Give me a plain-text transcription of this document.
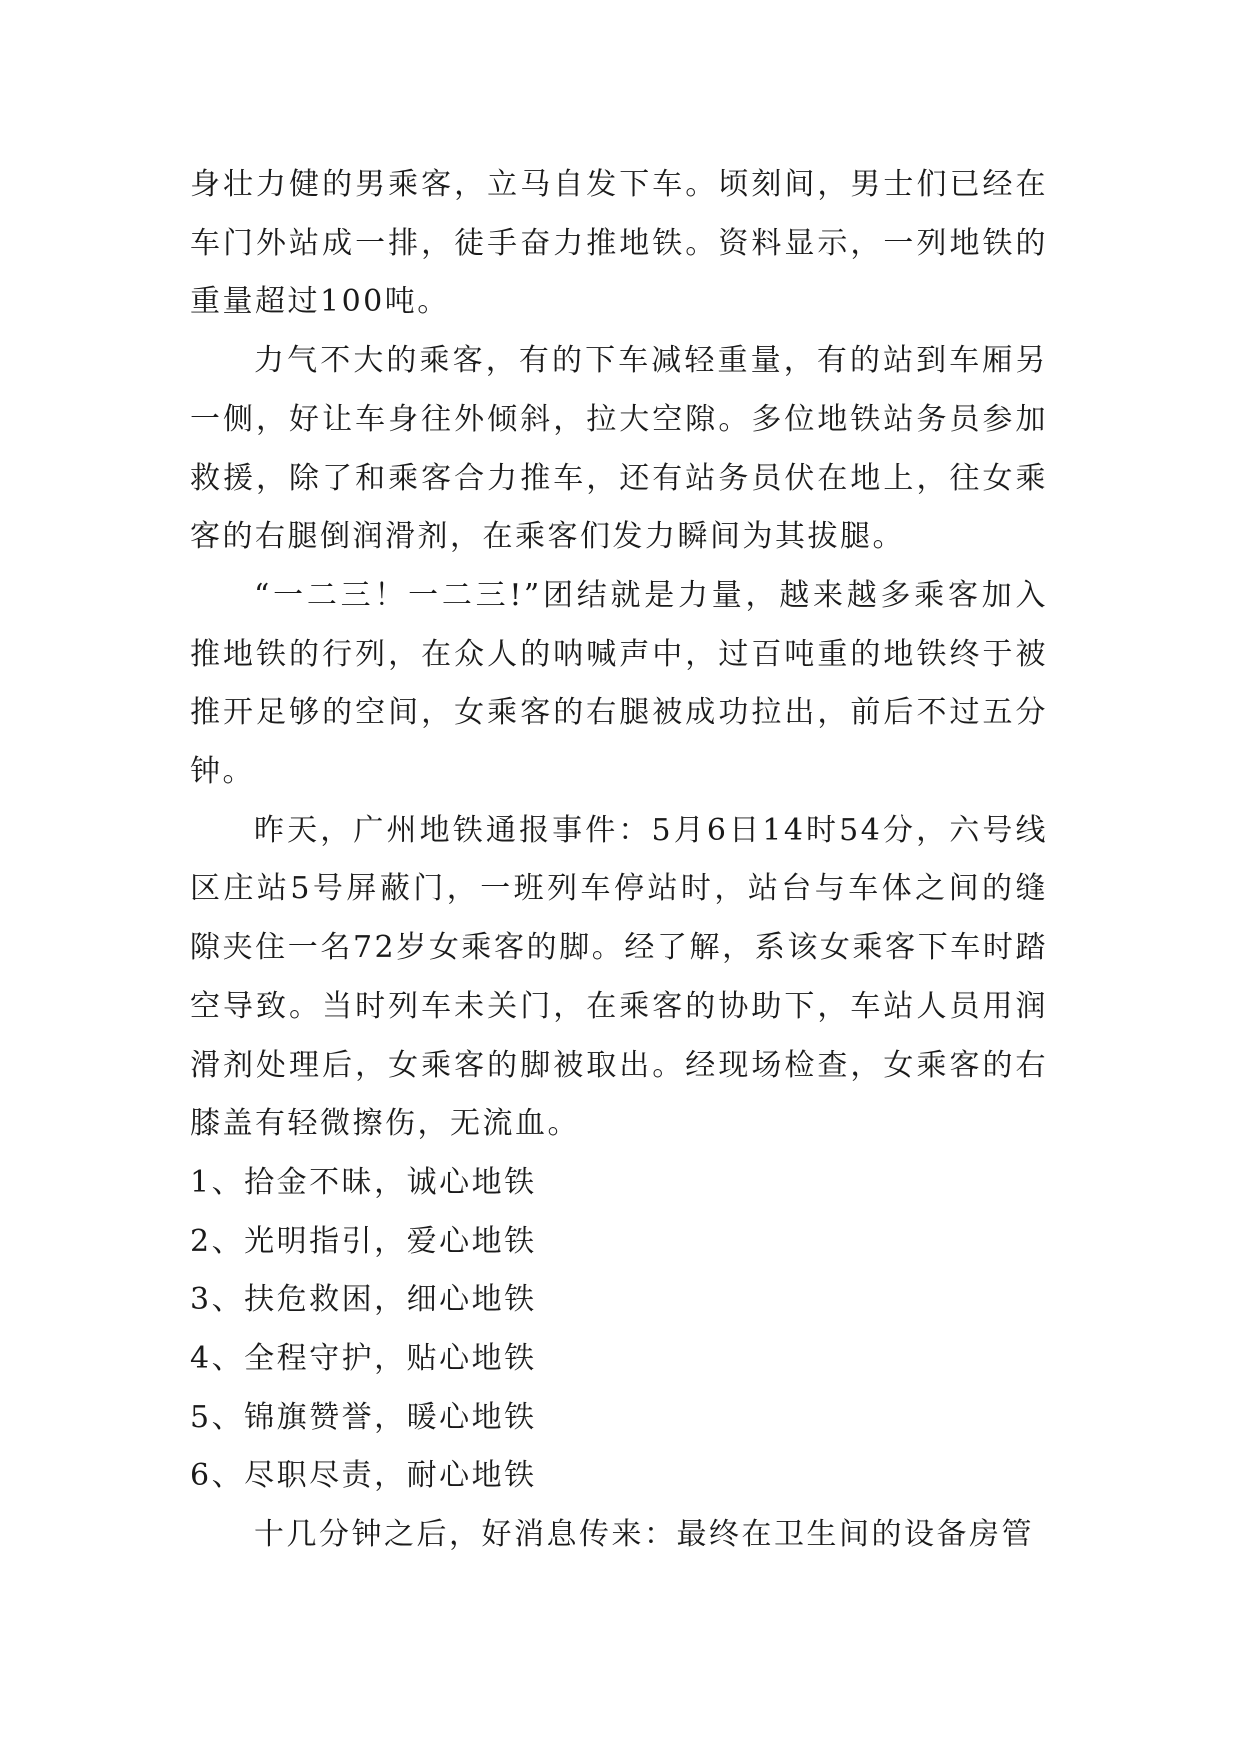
身壮力健的男乘客，立马自发下车。顷刻间，男士们已经在车门外站成一排，徒手奋力推地铁。资料显示，一列地铁的重量超过100吨。

力气不大的乘客，有的下车减轻重量，有的站到车厢另一侧，好让车身往外倾斜，拉大空隙。多位地铁站务员参加救援，除了和乘客合力推车，还有站务员伏在地上，往女乘客的右腿倒润滑剂，在乘客们发力瞬间为其拔腿。

“一二三！一二三!”团结就是力量，越来越多乘客加入推地铁的行列，在众人的呐喊声中，过百吨重的地铁终于被推开足够的空间，女乘客的右腿被成功拉出，前后不过五分钟。

昨天，广州地铁通报事件：5月6日14时54分，六号线区庄站5号屏蔽门，一班列车停站时，站台与车体之间的缝隙夹住一名72岁女乘客的脚。经了解，系该女乘客下车时踏空导致。当时列车未关门，在乘客的协助下，车站人员用润滑剂处理后，女乘客的脚被取出。经现场检查，女乘客的右膝盖有轻微擦伤，无流血。

1、拾金不昧，诚心地铁

2、光明指引，爱心地铁

3、扶危救困，细心地铁

4、全程守护，贴心地铁

5、锦旗赞誉，暖心地铁

6、尽职尽责，耐心地铁

十几分钟之后，好消息传来：最终在卫生间的设备房管
